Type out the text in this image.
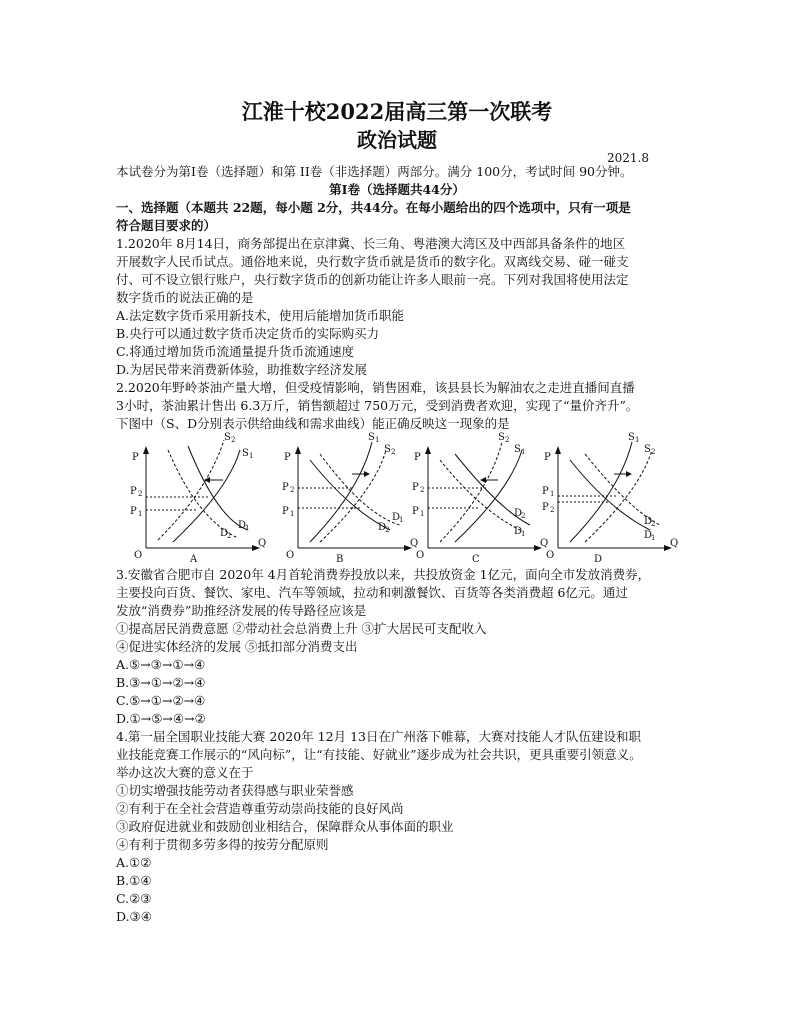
江淮十校2022届高三第一次联考
政治试题
2021.8
本试卷分为第Ⅰ卷（选择题）和第 II卷（非选择题）两部分。满分 100分，考试时间 90分钟。
第Ⅰ卷（选择题共44分）
一、选择题（本题共 22题，每小题 2分，共44分。在每小题给出的四个选项中，只有一项是
符合题目要求的）
1.2020年 8月14日，商务部提出在京津冀、长三角、粤港澳大湾区及中西部具备条件的地区
开展数字人民币试点。通俗地来说，央行数字货币就是货币的数字化。双离线交易、碰一碰支
付、可不设立银行账户，央行数字货币的创新功能让许多人眼前一亮。下列对我国将使用法定
数字货币的说法正确的是
A.法定数字货币采用新技术，使用后能增加货币职能
B.央行可以通过数字货币决定货币的实际购买力
C.将通过增加货币流通量提升货币流通速度
D.为居民带来消费新体验，助推数字经济发展
2.2020年野岭茶油产量大增，但受疫情影响，销售困难，该县县长为解油农之走进直播间直播
3小时，茶油累计售出 6.3万斤，销售额超过 750万元，受到消费者欢迎，实现了“量价齐升”。
下图中（S、D分别表示供给曲线和需求曲线）能正确反映这一现象的是
P
Q
O
P 2
P 1
S 2
S 1
D
2
D
1
A
P
Q
O
P 2
P 1
S 1
S 2
D
2
D
1
B
P
Q
O
P 2
P 1
S 2
S 1
D
2
D
1
C
P
Q
O
P 1
P 2
S 1
S 2
D
2
D
1
D
3.安徽省合肥市自 2020年 4月首轮消费券投放以来，共投放资金 1亿元，面向全市发放消费券，
主要投向百货、餐饮、家电、汽车等领域，拉动和刺激餐饮、百货等各类消费超 6亿元。通过
发放“消费券”助推经济发展的传导路径应该是
①提高居民消费意愿 ②带动社会总消费上升 ③扩大居民可支配收入
④促进实体经济的发展 ⑤抵扣部分消费支出
A.⑤→③→①→④
B.③→①→②→④
C.⑤→①→②→④
D.①→⑤→④→②
4.第一届全国职业技能大赛 2020年 12月 13日在广州落下帷幕，大赛对技能人才队伍建设和职
业技能竞赛工作展示的“风向标”，让“有技能、好就业”逐步成为社会共识，更具重要引领意义。
举办这次大赛的意义在于
①切实增强技能劳动者获得感与职业荣誉感
②有利于在全社会营造尊重劳动崇尚技能的良好风尚
③政府促进就业和鼓励创业相结合，保障群众从事体面的职业
④有利于贯彻多劳多得的按劳分配原则
A.①②
B.①④
C.②③
D.③④
